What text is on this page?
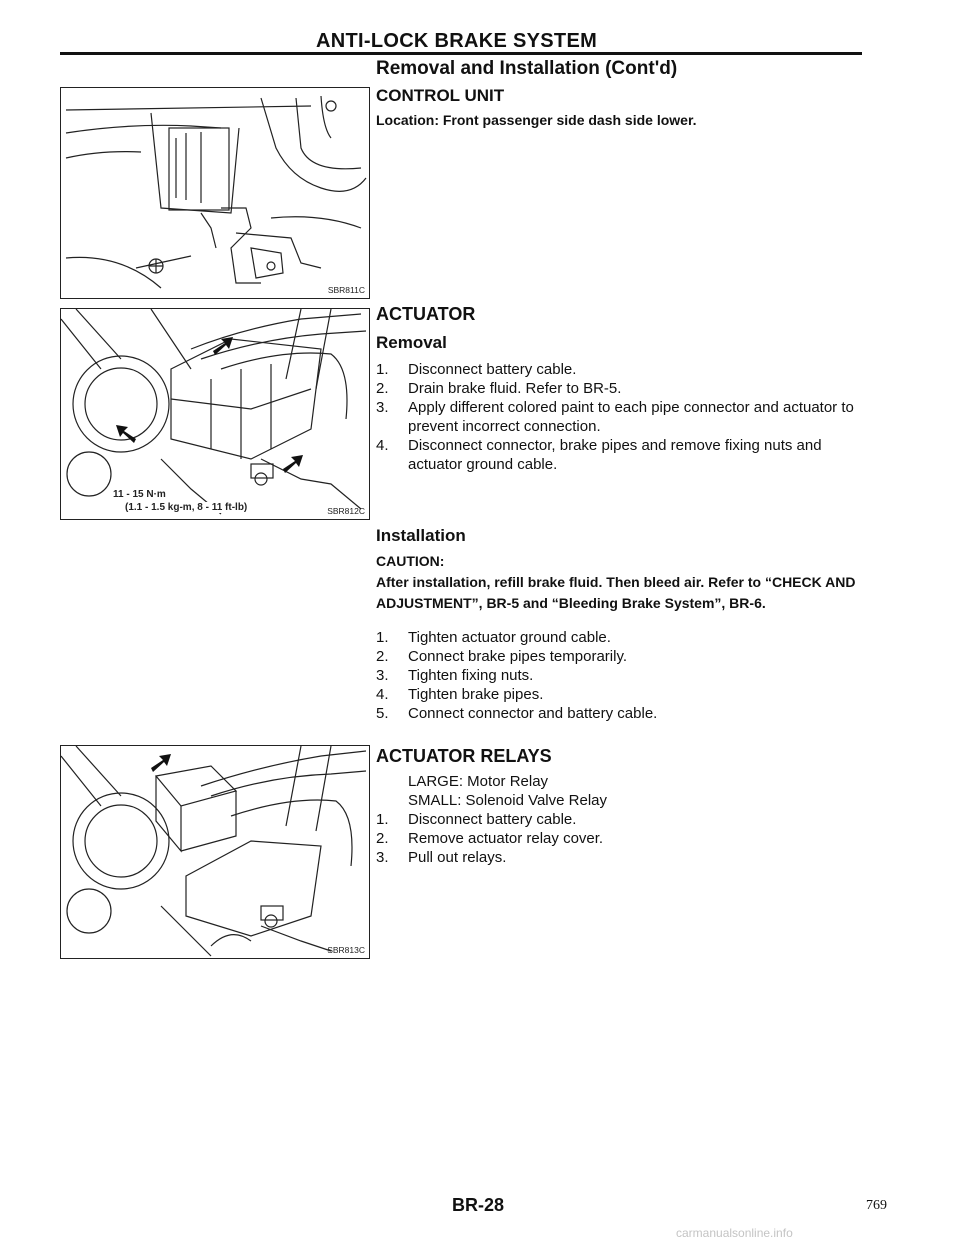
ANTI-LOCK BRAKE SYSTEM
SBR811C
11 - 15 N·m
(1.1 - 1.5 kg-m, 8 - 11 ft-lb)	SBR812C
SBR813C
Removal and Installation (Cont'd)
CONTROL UNIT
Location: Front passenger side dash side lower.
ACTUATOR
Removal
1. Disconnect battery cable.
2. Drain brake fluid. Refer to BR-5.
3. Apply different colored paint to each pipe connector and actuator to prevent incorrect connection.
4. Disconnect connector, brake pipes and remove fixing nuts and actuator ground cable.
Installation
CAUTION:
After installation, refill brake fluid. Then bleed air. Refer to “CHECK AND ADJUSTMENT”, BR-5 and “Bleeding Brake System”, BR-6.
1. Tighten actuator ground cable.
2. Connect brake pipes temporarily.
3. Tighten fixing nuts.
4. Tighten brake pipes.
5. Connect connector and battery cable.
ACTUATOR RELAYS
LARGE: Motor Relay
SMALL: Solenoid Valve Relay
1. Disconnect battery cable.
2. Remove actuator relay cover.
3. Pull out relays.
BR-28	769
carmanualsonline.info
